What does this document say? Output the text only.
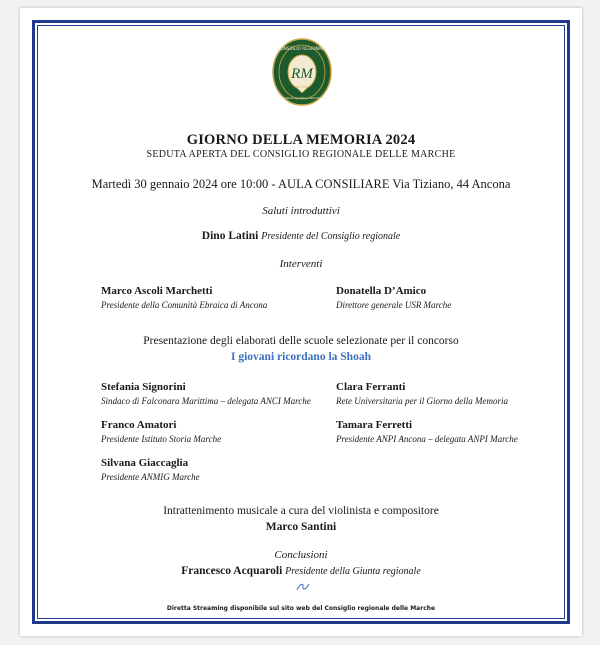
RM
CONSIGLIO REGIONALE
Assemblea legislativa delle Marche
GIORNO DELLA MEMORIA 2024
SEDUTA APERTA DEL CONSIGLIO REGIONALE DELLE MARCHE
Martedì 30 gennaio 2024 ore 10:00 - AULA CONSILIARE Via Tiziano, 44 Ancona
Saluti introduttivi
Dino Latini Presidente del Consiglio regionale
Interventi
Marco Ascoli Marchetti
Presidente della Comunità Ebraica di Ancona
Donatella D’Amico
Direttore generale USR Marche
Presentazione degli elaborati delle scuole selezionate per il concorso
I giovani ricordano la Shoah
Stefania Signorini
Sindaco di Falconara Marittima – delegata ANCI Marche
Clara Ferranti
Rete Universitaria per il Giorno della Memoria
Franco Amatori
Presidente Istituto Storia Marche
Tamara Ferretti
Presidente ANPI Ancona – delegata ANPI Marche
Silvana Giaccaglia
Presidente ANMIG Marche
Intrattenimento musicale a cura del violinista e compositore
Marco Santini
Conclusioni
Francesco Acquaroli Presidente della Giunta regionale
Diretta Streaming disponibile sul sito web del Consiglio regionale delle Marche
